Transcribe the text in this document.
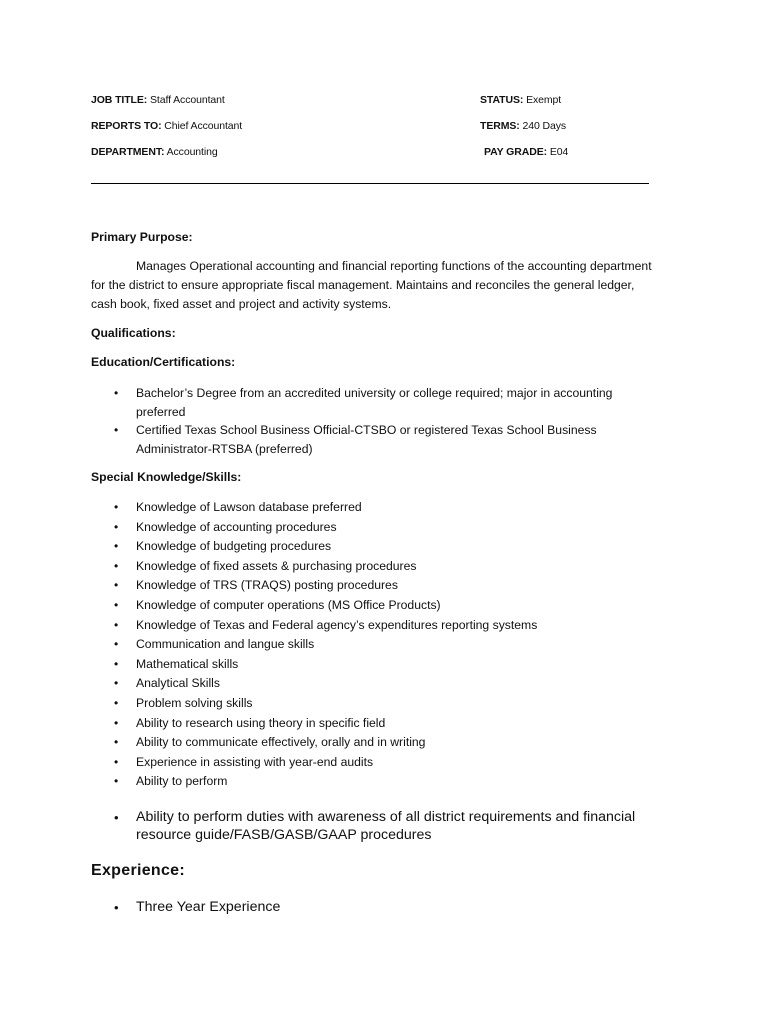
JOB TITLE: Staff Accountant	STATUS: Exempt
REPORTS TO: Chief Accountant	TERMS: 240 Days
DEPARTMENT: Accounting	PAY GRADE: E04
Primary Purpose:
Manages Operational accounting and financial reporting functions of the accounting department for the district to ensure appropriate fiscal management. Maintains and reconciles the general ledger, cash book, fixed asset and project and activity systems.
Qualifications:
Education/Certifications:
• Bachelor’s Degree from an accredited university or college required; major in accounting preferred
• Certified Texas School Business Official-CTSBO or registered Texas School Business Administrator-RTSBA (preferred)
Special Knowledge/Skills:
• Knowledge of Lawson database preferred
• Knowledge of accounting procedures
• Knowledge of budgeting procedures
• Knowledge of fixed assets & purchasing procedures
• Knowledge of TRS (TRAQS) posting procedures
• Knowledge of computer operations (MS Office Products)
• Knowledge of Texas and Federal agency’s expenditures reporting systems
• Communication and langue skills
• Mathematical skills
• Analytical Skills
• Problem solving skills
• Ability to research using theory in specific field
• Ability to communicate effectively, orally and in writing
• Experience in assisting with year-end audits
• Ability to perform
• Ability to perform duties with awareness of all district requirements and financial resource guide/FASB/GASB/GAAP procedures
Experience:
• Three Year Experience
